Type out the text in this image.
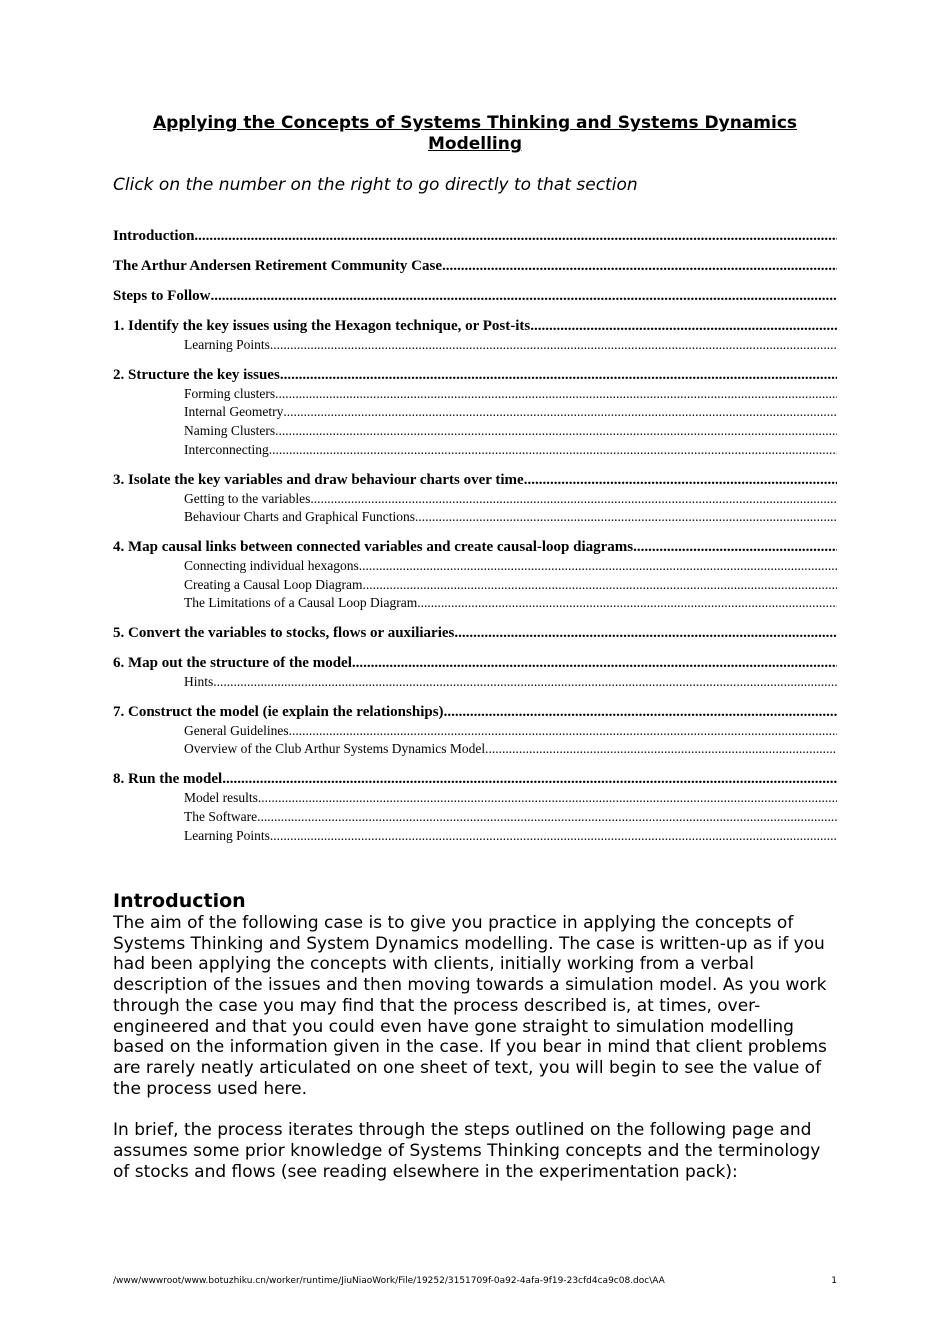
Applying the Concepts of Systems Thinking and Systems Dynamics Modelling
Click on the number on the right to go directly to that section
Introduction
.....
The Arthur Andersen Retirement Community Case
.....
Steps to Follow
.....
1. Identify the key issues using the Hexagon technique, or Post-its
.....
Learning Points
.....
2. Structure the key issues
.....
Forming clusters
.....
Internal Geometry
.....
Naming Clusters
.....
Interconnecting
.....
3. Isolate the key variables and draw behaviour charts over time
.....
Getting to the variables
.....
Behaviour Charts and Graphical Functions
.....
4. Map causal links between connected variables and create causal-loop diagrams
.....
Connecting individual hexagons
.....
Creating a Causal Loop Diagram
.....
The Limitations of a Causal Loop Diagram
.....
5. Convert the variables to stocks, flows or auxiliaries
.....
6. Map out the structure of the model
.....
Hints
.....
7. Construct the model (ie explain the relationships)
.....
General Guidelines
.....
Overview of the Club Arthur Systems Dynamics Model
.....
8. Run the model
.....
Model results
.....
The Software
.....
Learning Points
.....
Introduction

The aim of the following case is to give you practice in applying the concepts of Systems Thinking and System Dynamics modelling. The case is written-up as if you had been applying the concepts with clients, initially working from a verbal description of the issues and then moving towards a simulation model. As you work through the case you may find that the process described is, at times, over-engineered and that you could even have gone straight to simulation modelling based on the information given in the case. If you bear in mind that client problems are rarely neatly articulated on one sheet of text, you will begin to see the value of the process used here.

In brief, the process iterates through the steps outlined on the following page and assumes some prior knowledge of Systems Thinking concepts and the terminology of stocks and flows (see reading elsewhere in the experimentation pack):

/www/wwwroot/www.botuzhiku.cn/worker/runtime/JiuNiaoWork/File/19252/3151709f-0a92-4afa-9f19-23cfd4ca9c08.doc\AA	1
